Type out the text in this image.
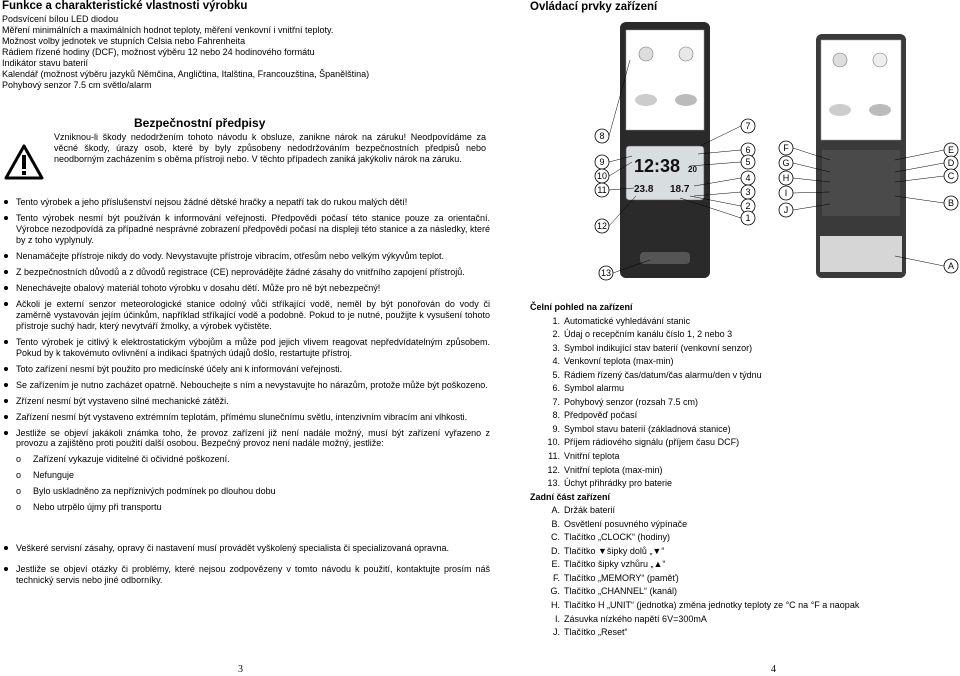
Funkce a charakteristické vlastnosti výrobku
Podsvícení bílou LED diodou
Měření minimálních a maximálních hodnot teploty, měření venkovní i vnitřní teploty.
Možnost volby jednotek ve stupních Celsia nebo Fahrenheita
Rádiem řízené hodiny (DCF), možnost výběru 12 nebo 24 hodinového formátu
Indikátor stavu baterií
Kalendář (možnost výběru jazyků Němčina, Angličtina, Italština, Francouzština, Španělština)
Pohybový senzor 7.5 cm světlo/alarm
Bezpečnostní předpisy
Vzniknou-li škody nedodržením tohoto návodu k obsluze, zanikne nárok na záruku! Neodpovídáme za věcné škody, úrazy osob, které by byly způsobeny nedodržováním bezpečnostních předpisů nebo neodborným zacházením s oběma přístroji nebo. V těchto případech zaniká jakýkoliv nárok na záruku.
Tento výrobek a jeho příslušenství nejsou žádné dětské hračky a nepatří tak do rukou malých dětí!
Tento výrobek nesmí být používán k informování veřejnosti. Předpovědi počasí této stanice pouze za orientační. Výrobce nezodpovídá za případné nesprávné zobrazení předpovědi počasí na displeji této stanice a za následky, které by z toho vyplynuly.
Nenamáčejte přístroje nikdy do vody. Nevystavujte přístroje vibracím, otřesům nebo velkým výkyvům teplot.
Z bezpečnostních důvodů a z důvodů registrace (CE) neprovádějte žádné zásahy do vnitřního zapojení přístrojů.
Nenechávejte obalový materiál tohoto výrobku v dosahu dětí. Může pro ně být nebezpečný!
Ačkoli je externí senzor meteorologické stanice odolný vůči stříkající vodě, neměl by být ponořován do vody či zaměrně vystavován jejím účinkům, například stříkající vodě a podobně. Pokud to je nutné, použijte k vysušení tohoto přístroje suchý hadr, který nevytváří žmolky, a výrobek vyčistěte.
Tento výrobek je citlivý k elektrostatickým výbojům a může pod jejich vlivem reagovat nepředvídatelným způsobem. Pokud by k takovémuto ovlivnění a indikaci špatných údajů došlo, restartujte přístroj.
Toto zařízení nesmí být použito pro medicínské účely ani k informování veřejnosti.
Se zařízením je nutno zacházet opatrně. Nebouchejte s ním a nevystavujte ho nárazům, protože může být poškozeno.
Zřízení nesmí být vystaveno silné mechanické zátěži.
Zařízení nesmí být vystaveno extrémním teplotám, přímému slunečnímu světlu, intenzivním vibracím ani vlhkosti.
Jestliže se objeví jakákoli známka toho, že provoz zařízení již není nadále možný, musí být zařízení vyřazeno z provozu a zajištěno proti použití další osobou. Bezpečný provoz není nadále možný, jestliže:
o Zařízení vykazuje viditelné či očividné poškození.
o Nefunguje
o Bylo uskladněno za nepříznivých podmínek po dlouhou dobu
o Nebo utrpělo újmy při transportu
Veškeré servisní zásahy, opravy či nastavení musí provádět vyškolený specialista či specializovaná opravna.
Jestliže se objeví otázky či problémy, které nejsou zodpovězeny v tomto návodu k použití, kontaktujte prosím náš technický servis nebo jiné odborníky.
3
Ovládací prvky zařízení
12:38 20
23.8 18.7
8
9
10
11
12
13
7
6
5
4
3
2
1
F
G
H
I
J
E
D
C
B
A
Čelní pohled na zařízení
1. Automatické vyhledávání stanic
2. Údaj o recepčním kanálu číslo 1, 2 nebo 3
3. Symbol indikující stav baterií (venkovní senzor)
4. Venkovní teplota (max-min)
5. Rádiem řízený čas/datum/čas alarmu/den v týdnu
6. Symbol alarmu
7. Pohybový senzor (rozsah 7.5 cm)
8. Předpověď počasí
9. Symbol stavu baterií (základnová stanice)
10. Příjem rádiového signálu (příjem času DCF)
11. Vnitřní teplota
12. Vnitřní teplota (max-min)
13. Úchyt přihrádky pro baterie
Zadní část zařízení
A. Držák baterií
B. Osvětlení posuvného výpínače
C. Tlačítko „CLOCK“ (hodiny)
D. Tlačítko ▼šipky dolů „▼“
E. Tlačítko šipky vzhůru „▲“
F. Tlačítko „MEMORY“ (paměť)
G. Tlačítko „CHANNEL“ (kanál)
H. Tlačítko H „UNIT“ (jednotka) změna jednotky teploty ze °C na °F a naopak
I. Zásuvka nízkého napětí 6V=300mA
J. Tlačítko „Reset“
4
